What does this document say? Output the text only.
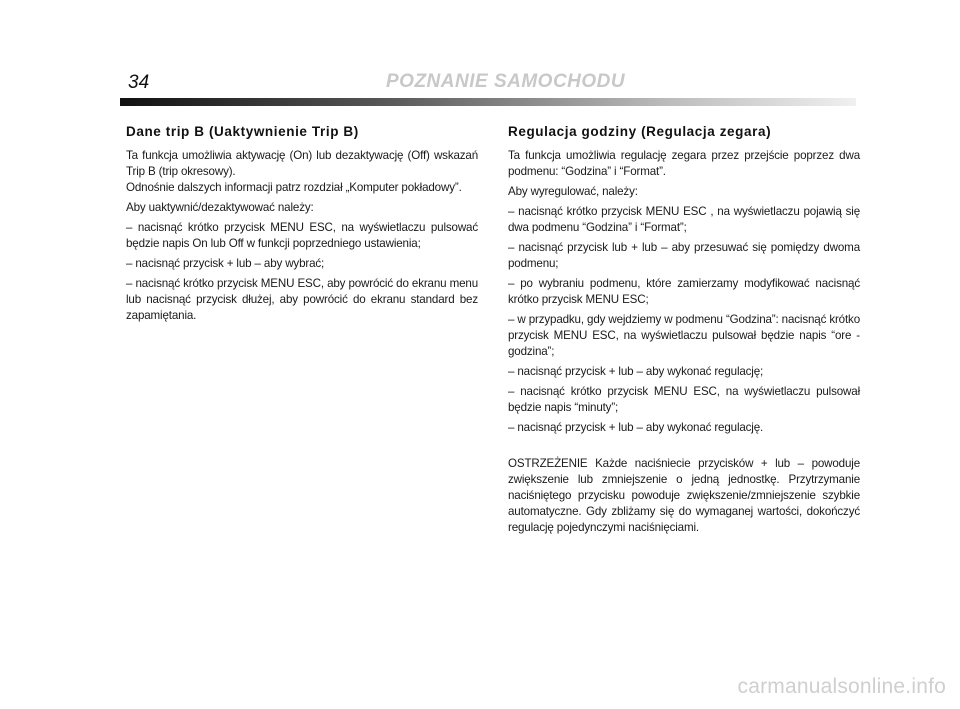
34	POZNANIE SAMOCHODU
Dane trip B (Uaktywnienie Trip B)

Ta funkcja umożliwia aktywację (On) lub dezaktywację (Off) wskazań Trip B (trip okresowy).

Odnośnie dalszych informacji patrz rozdział „Komputer pokładowy”.

Aby uaktywnić/dezaktywować należy:

– nacisnąć krótko przycisk MENU ESC, na wyświetlaczu pulsować będzie napis On lub Off w funkcji poprzedniego ustawienia;

– nacisnąć przycisk + lub – aby wybrać;

– nacisnąć krótko przycisk MENU ESC, aby powrócić do ekranu menu lub nacisnąć przycisk dłużej, aby powrócić do ekranu standard bez zapamiętania.

Regulacja godziny (Regulacja zegara)

Ta funkcja umożliwia regulację zegara przez przejście poprzez dwa podmenu: “Godzina” i “Format”.

Aby wyregulować, należy:

– nacisnąć krótko przycisk MENU ESC , na wyświetlaczu pojawią się dwa podmenu “Godzina” i “Format”;

– nacisnąć przycisk lub + lub – aby przesuwać się pomiędzy dwoma podmenu;

– po wybraniu podmenu, które zamierzamy modyfikować nacisnąć krótko przycisk MENU ESC;

– w przypadku, gdy wejdziemy w podmenu “Godzina”: nacisnąć krótko przycisk MENU ESC, na wyświetlaczu pulsował będzie napis “ore - godzina”;

– nacisnąć przycisk + lub – aby wykonać regulację;

– nacisnąć krótko przycisk MENU ESC, na wyświetlaczu pulsował będzie napis “minuty”;

– nacisnąć przycisk + lub – aby wykonać regulację.

OSTRZEŻENIE Każde naciśniecie przycisków + lub – powoduje zwiększenie lub zmniejszenie o jedną jednostkę. Przytrzymanie naciśniętego przycisku powoduje zwiększenie/zmniejszenie szybkie automatyczne. Gdy zbliżamy się do wymaganej wartości, dokończyć regulację pojedynczymi naciśnięciami.

carmanualsonline.info
